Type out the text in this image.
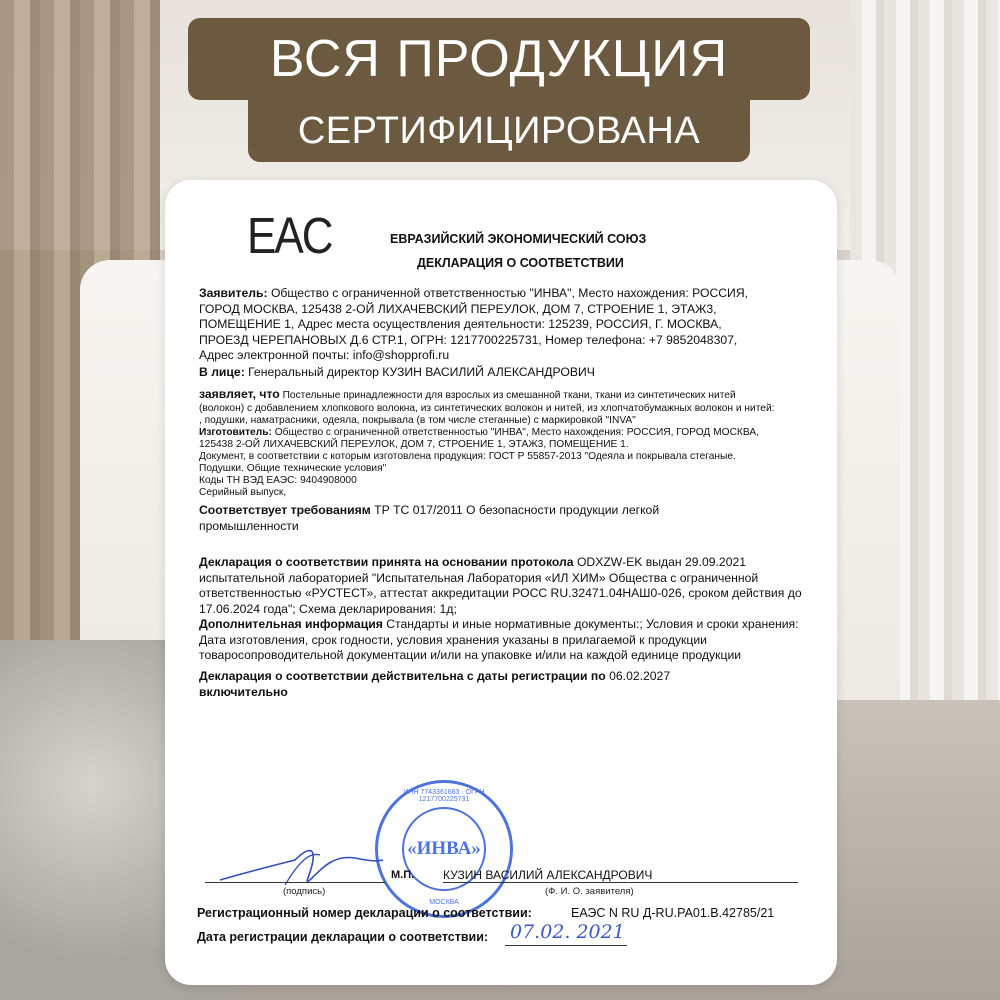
ВСЯ ПРОДУКЦИЯ
СЕРТИФИЦИРОВАНА
EAC	ЕВРАЗИЙСКИЙ ЭКОНОМИЧЕСКИЙ СОЮЗ
ДЕКЛАРАЦИЯ О СООТВЕТСТВИИ
Заявитель: Общество с ограниченной ответственностью "ИНВА", Место нахождения: РОССИЯ,
ГОРОД МОСКВА, 125438 2-ОЙ ЛИХАЧЕВСКИЙ ПЕРЕУЛОК, ДОМ 7, СТРОЕНИЕ 1, ЭТАЖ3,
ПОМЕЩЕНИЕ 1, Адрес места осуществления деятельности: 125239, РОССИЯ, Г. МОСКВА,
ПРОЕЗД ЧЕРЕПАНОВЫХ Д.6 СТР.1, ОГРН: 1217700225731, Номер телефона: +7 9852048307,
Адрес электронной почты: info@shopprofi.ru
В лице: Генеральный директор КУЗИН ВАСИЛИЙ АЛЕКСАНДРОВИЧ
заявляет, что Постельные принадлежности для взрослых из смешанной ткани, ткани из синтетических нитей
(волокон) с добавлением хлопкового волокна, из синтетических волокон и нитей, из хлопчатобумажных волокон и нитей:
, подушки, наматрасники, одеяла, покрывала (в том числе стеганные) с маркировкой "INVA"
Изготовитель: Общество с ограниченной ответственностью "ИНВА", Место нахождения: РОССИЯ, ГОРОД МОСКВА,
125438 2-ОЙ ЛИХАЧЕВСКИЙ ПЕРЕУЛОК, ДОМ 7, СТРОЕНИЕ 1, ЭТАЖ3, ПОМЕЩЕНИЕ 1.
Документ, в соответствии с которым изготовлена продукция: ГОСТ Р 55857-2013 "Одеяла и покрывала стеганые.
Подушки. Общие технические условия"
Коды ТН ВЭД ЕАЭС: 9404908000
Серийный выпуск,
Соответствует требованиям ТР ТС 017/2011 О безопасности продукции легкой
промышленности
Декларация о соответствии принята на основании протокола ODXZW-EK выдан 29.09.2021
испытательной лабораторией "Испытательная Лаборатория «ИЛ ХИМ» Общества с ограниченной
ответственностью «РУСТЕСТ», аттестат аккредитации РОСС RU.32471.04НАШ0-026, сроком действия до
17.06.2024 года"; Схема декларирования: 1д;
Дополнительная информация Стандарты и иные нормативные документы:; Условия и сроки хранения:
Дата изготовления, срок годности, условия хранения указаны в прилагаемой к продукции
товаросопроводительной документации и/или на упаковке и/или на каждой единице продукции
Декларация о соответствии действительна с даты регистрации по 06.02.2027
включительно
ИНН 7743361683 · ОГРН 1217700225731
«ИНВА»
МОСКВА
(подпись)
М.П.	КУЗИН ВАСИЛИЙ АЛЕКСАНДРОВИЧ
(Ф. И. О. заявителя)
Регистрационный номер декларации о соответствии:	ЕАЭС N RU Д-RU.РА01.В.42785/21
Дата регистрации декларации о соответствии:	07.02. 2021
